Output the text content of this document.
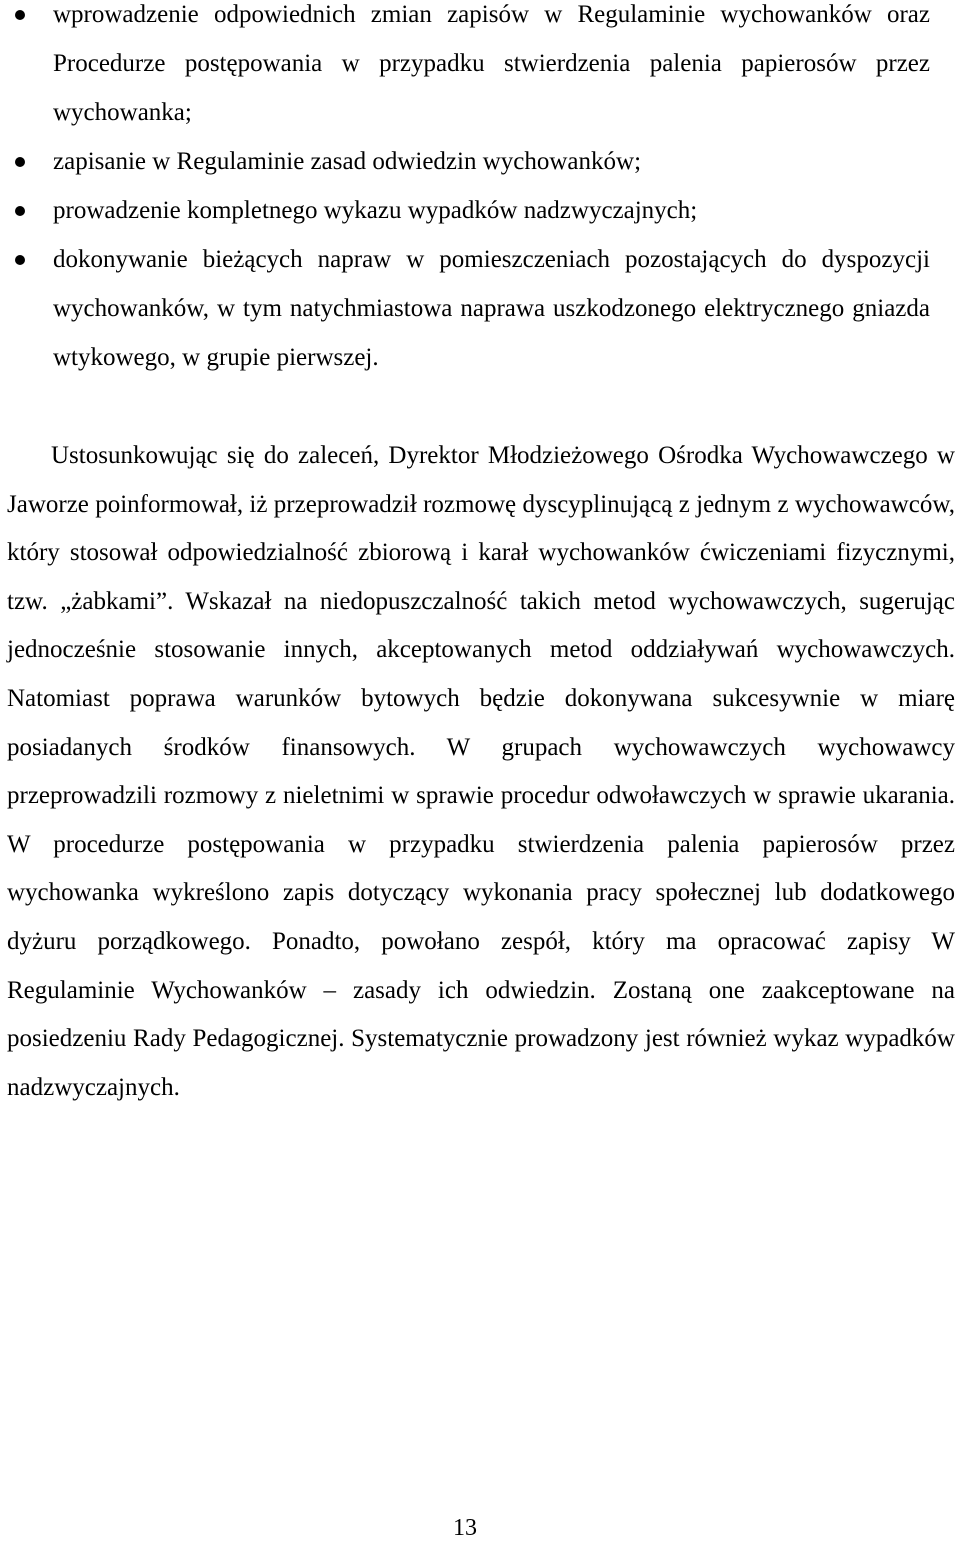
wprowadzenie odpowiednich zmian zapisów w Regulaminie wychowanków oraz Procedurze postępowania w przypadku stwierdzenia palenia papierosów przez wychowanka;
zapisanie w Regulaminie zasad odwiedzin wychowanków;
prowadzenie kompletnego wykazu wypadków nadzwyczajnych;
dokonywanie bieżących napraw w pomieszczeniach pozostających do dyspozycji wychowanków, w tym natychmiastowa naprawa uszkodzonego elektrycznego gniazda wtykowego, w grupie pierwszej.

Ustosunkowując się do zaleceń, Dyrektor Młodzieżowego Ośrodka Wychowawczego w Jaworze poinformował, iż przeprowadził rozmowę dyscyplinującą z jednym z wychowawców, który stosował odpowiedzialność zbiorową i karał wychowanków ćwiczeniami fizycznymi, tzw. „żabkami”. Wskazał na niedopuszczalność takich metod wychowawczych, sugerując jednocześnie stosowanie innych, akceptowanych metod oddziaływań wychowawczych. Natomiast poprawa warunków bytowych będzie dokonywana sukcesywnie w miarę posiadanych środków finansowych. W grupach wychowawczych wychowawcy przeprowadzili rozmowy z nieletnimi w sprawie procedur odwoławczych w sprawie ukarania. W procedurze postępowania w przypadku stwierdzenia palenia papierosów przez wychowanka wykreślono zapis dotyczący wykonania pracy społecznej lub dodatkowego dyżuru porządkowego. Ponadto, powołano zespół, który ma opracować zapisy W Regulaminie Wychowanków – zasady ich odwiedzin. Zostaną one zaakceptowane na posiedzeniu Rady Pedagogicznej. Systematycznie prowadzony jest również wykaz wypadków nadzwyczajnych.

13
